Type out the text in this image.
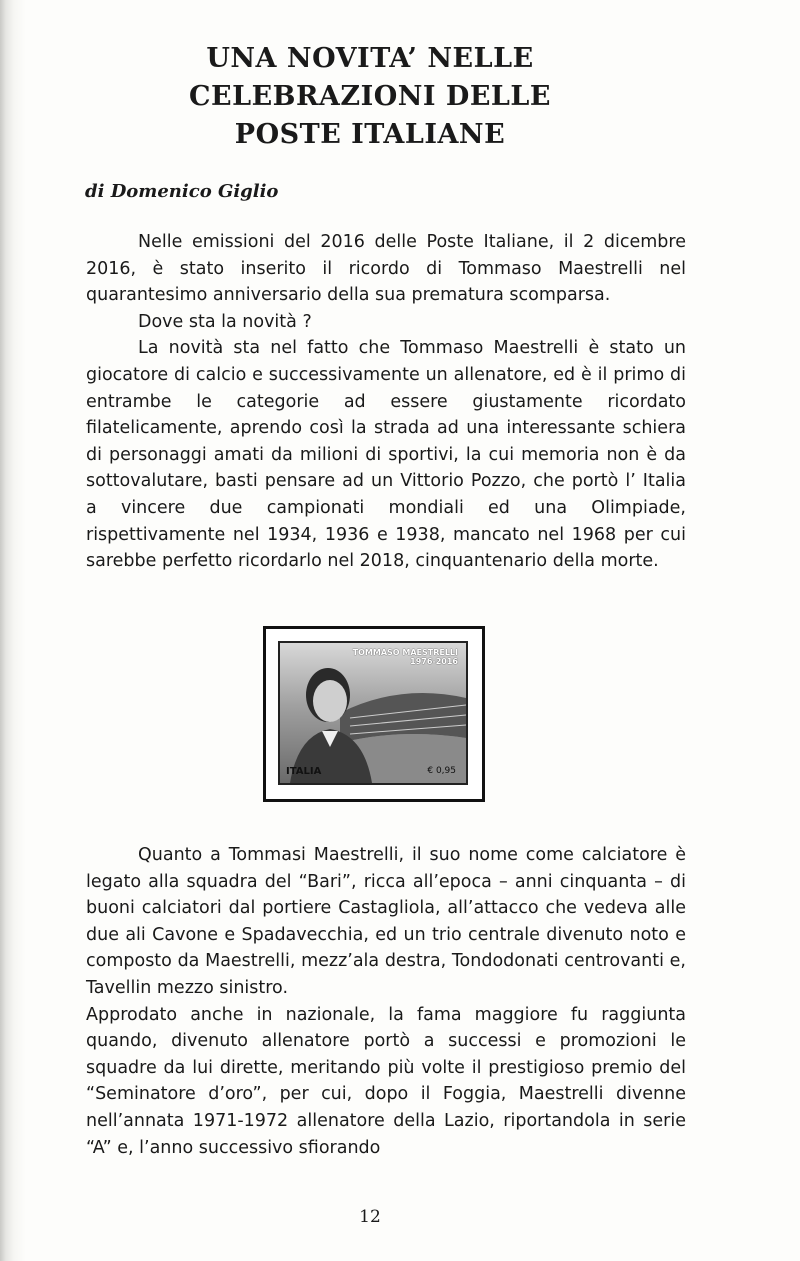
UNA NOVITA’ NELLE
CELEBRAZIONI DELLE
POSTE ITALIANE
di Domenico Giglio

Nelle emissioni del 2016 delle Poste Italiane, il 2 dicembre 2016, è stato inserito il ricordo di Tommaso Maestrelli nel quarantesimo anniversario della sua prematura scomparsa.

Dove sta la novità ?

La novità sta nel fatto che Tommaso Maestrelli è stato un giocatore di calcio e successivamente un allenatore, ed è il primo di entrambe le categorie ad essere giustamente ricordato filatelicamente, aprendo così la strada ad una interessante schiera di personaggi amati da milioni di sportivi, la cui memoria non è da sottovalutare, basti pensare ad un Vittorio Pozzo, che portò l’ Italia a vincere due campionati mondiali ed una Olimpiade, rispettivamente nel 1934, 1936 e 1938, mancato nel 1968 per cui sarebbe perfetto ricordarlo nel 2018, cinquantenario della morte.

TOMMASO MAESTRELLI
1976-2016
ITALIA	€ 0,95

Quanto a Tommasi Maestrelli, il suo nome come calciatore è legato alla squadra del “Bari”, ricca all’epoca – anni cinquanta – di buoni calciatori dal portiere Castagliola, all’attacco che vedeva alle due ali Cavone e Spadavecchia, ed un trio centrale divenuto noto e composto da Maestrelli, mezz’ala destra, Tondodonati centrovanti e, Tavellin mezzo sinistro.

Approdato anche in nazionale, la fama maggiore fu raggiunta quando, divenuto allenatore portò a successi e promozioni le squadre da lui dirette, meritando più volte il prestigioso premio del “Seminatore d’oro”, per cui, dopo il Foggia, Maestrelli divenne nell’annata 1971-1972 allenatore della Lazio, riportandola in serie “A” e, l’anno successivo sfiorando

12
